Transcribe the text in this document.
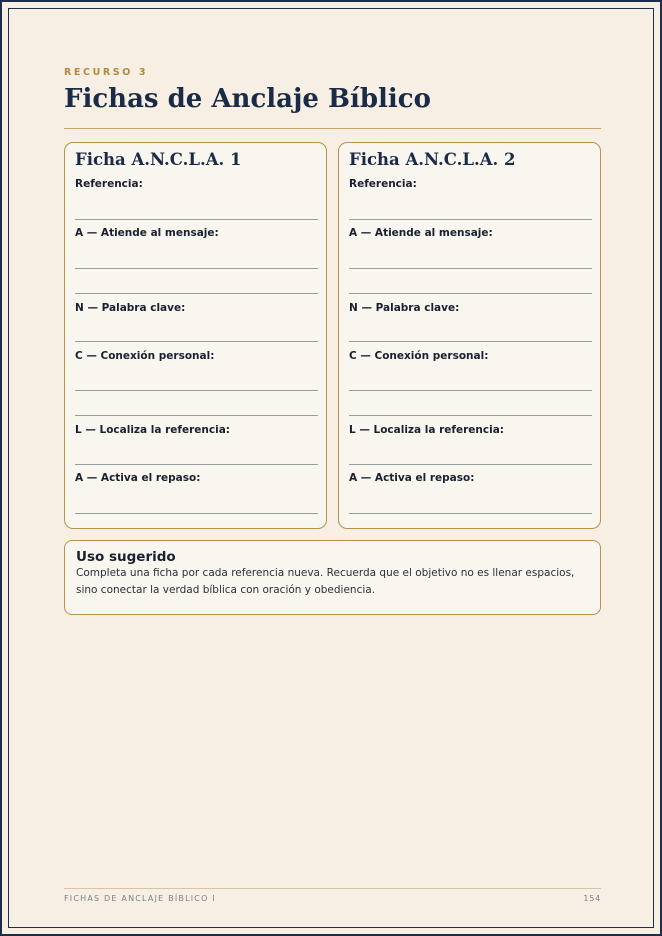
RECURSO 3
Fichas de Anclaje Bíblico
Ficha A.N.C.L.A. 1
Referencia:
A — Atiende al mensaje:
N — Palabra clave:
C — Conexión personal:
L — Localiza la referencia:
A — Activa el repaso:
Ficha A.N.C.L.A. 2
Referencia:
A — Atiende al mensaje:
N — Palabra clave:
C — Conexión personal:
L — Localiza la referencia:
A — Activa el repaso:
Uso sugerido
Completa una ficha por cada referencia nueva. Recuerda que el objetivo no es llenar espacios, sino conectar la verdad bíblica con oración y obediencia.
FICHAS DE ANCLAJE BÍBLICO I	154
